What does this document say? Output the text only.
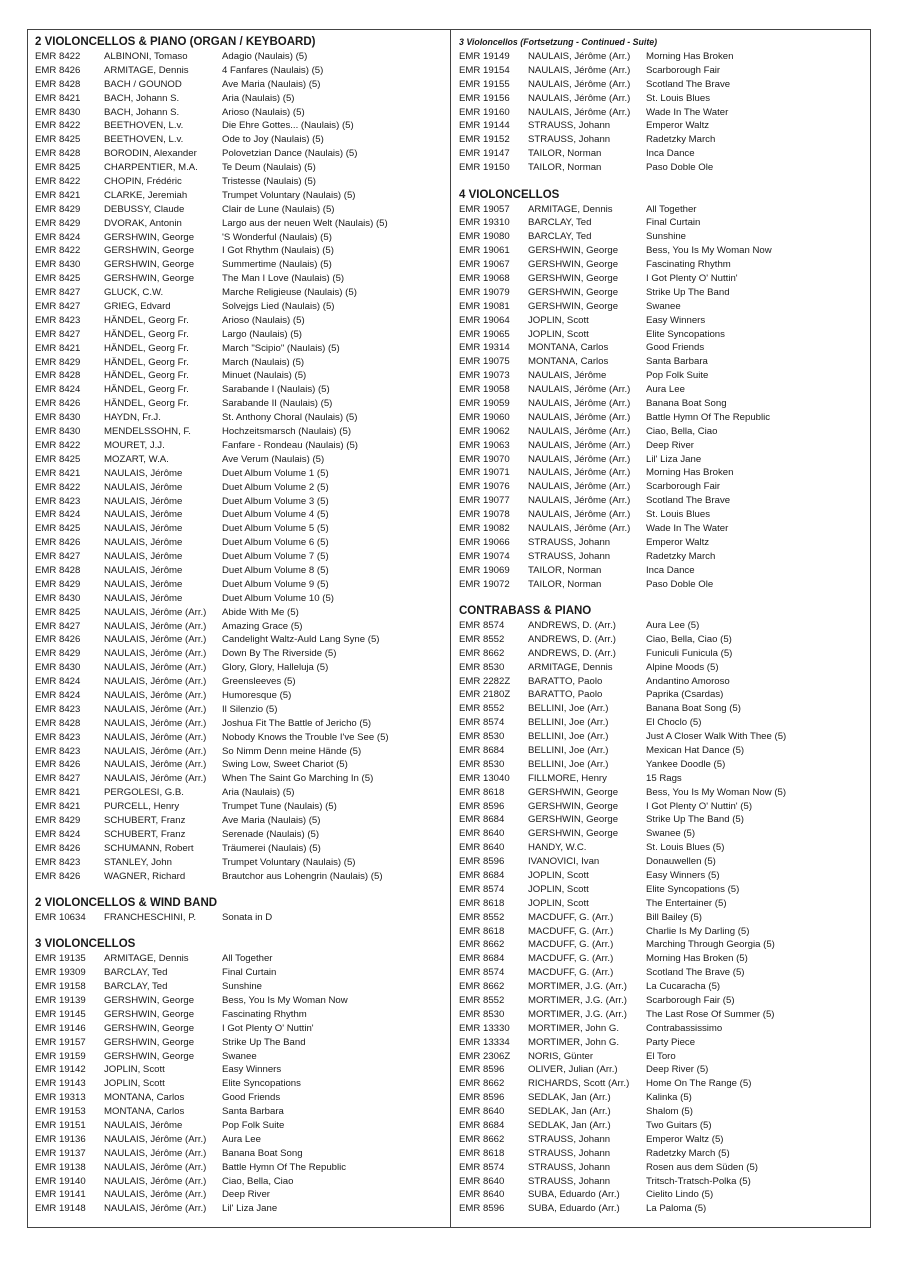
2 VIOLONCELLOS & PIANO (ORGAN / KEYBOARD)
EMR 8422	ALBINONI, Tomaso	Adagio (Naulais) (5)
EMR 8426	ARMITAGE, Dennis	4 Fanfares (Naulais) (5)
EMR 8428	BACH / GOUNOD	Ave Maria (Naulais) (5)
EMR 8421	BACH, Johann S.	Aria (Naulais) (5)
EMR 8430	BACH, Johann S.	Arioso (Naulais) (5)
EMR 8422	BEETHOVEN, L.v.	Die Ehre Gottes... (Naulais) (5)
EMR 8425	BEETHOVEN, L.v.	Ode to Joy (Naulais) (5)
EMR 8428	BORODIN, Alexander	Polovetzian Dance (Naulais) (5)
EMR 8425	CHARPENTIER, M.A.	Te Deum (Naulais) (5)
EMR 8422	CHOPIN, Frédéric	Tristesse (Naulais) (5)
EMR 8421	CLARKE, Jeremiah	Trumpet Voluntary (Naulais) (5)
EMR 8429	DEBUSSY, Claude	Clair de Lune (Naulais) (5)
EMR 8429	DVORAK, Antonin	Largo aus der neuen Welt (Naulais) (5)
EMR 8424	GERSHWIN, George	'S Wonderful (Naulais) (5)
EMR 8422	GERSHWIN, George	I Got Rhythm (Naulais) (5)
EMR 8430	GERSHWIN, George	Summertime (Naulais) (5)
EMR 8425	GERSHWIN, George	The Man I Love (Naulais) (5)
EMR 8427	GLUCK, C.W.	Marche Religieuse (Naulais) (5)
EMR 8427	GRIEG, Edvard	Solvejgs Lied (Naulais) (5)
EMR 8423	HÄNDEL, Georg Fr.	Arioso (Naulais) (5)
EMR 8427	HÄNDEL, Georg Fr.	Largo (Naulais) (5)
EMR 8421	HÄNDEL, Georg Fr.	March "Scipio" (Naulais) (5)
EMR 8429	HÄNDEL, Georg Fr.	March (Naulais) (5)
EMR 8428	HÄNDEL, Georg Fr.	Minuet (Naulais) (5)
EMR 8424	HÄNDEL, Georg Fr.	Sarabande I (Naulais) (5)
EMR 8426	HÄNDEL, Georg Fr.	Sarabande II (Naulais) (5)
EMR 8430	HAYDN, Fr.J.	St. Anthony Choral (Naulais) (5)
EMR 8430	MENDELSSOHN, F.	Hochzeitsmarsch (Naulais) (5)
EMR 8422	MOURET, J.J.	Fanfare - Rondeau (Naulais) (5)
EMR 8425	MOZART, W.A.	Ave Verum (Naulais) (5)
EMR 8421	NAULAIS, Jérôme	Duet Album Volume 1 (5)
EMR 8422	NAULAIS, Jérôme	Duet Album Volume 2 (5)
EMR 8423	NAULAIS, Jérôme	Duet Album Volume 3 (5)
EMR 8424	NAULAIS, Jérôme	Duet Album Volume 4 (5)
EMR 8425	NAULAIS, Jérôme	Duet Album Volume 5 (5)
EMR 8426	NAULAIS, Jérôme	Duet Album Volume 6 (5)
EMR 8427	NAULAIS, Jérôme	Duet Album Volume 7 (5)
EMR 8428	NAULAIS, Jérôme	Duet Album Volume 8 (5)
EMR 8429	NAULAIS, Jérôme	Duet Album Volume 9 (5)
EMR 8430	NAULAIS, Jérôme	Duet Album Volume 10 (5)
EMR 8425	NAULAIS, Jérôme (Arr.)	Abide With Me (5)
EMR 8427	NAULAIS, Jérôme (Arr.)	Amazing Grace (5)
EMR 8426	NAULAIS, Jérôme (Arr.)	Candelight Waltz-Auld Lang Syne (5)
EMR 8429	NAULAIS, Jérôme (Arr.)	Down By The Riverside (5)
EMR 8430	NAULAIS, Jérôme (Arr.)	Glory, Glory, Halleluja (5)
EMR 8424	NAULAIS, Jérôme (Arr.)	Greensleeves (5)
EMR 8424	NAULAIS, Jérôme (Arr.)	Humoresque (5)
EMR 8423	NAULAIS, Jérôme (Arr.)	Il Silenzio (5)
EMR 8428	NAULAIS, Jérôme (Arr.)	Joshua Fit The Battle of Jericho (5)
EMR 8423	NAULAIS, Jérôme (Arr.)	Nobody Knows the Trouble I've See (5)
EMR 8423	NAULAIS, Jérôme (Arr.)	So Nimm Denn meine Hände (5)
EMR 8426	NAULAIS, Jérôme (Arr.)	Swing Low, Sweet Chariot (5)
EMR 8427	NAULAIS, Jérôme (Arr.)	When The Saint Go Marching In (5)
EMR 8421	PERGOLESI, G.B.	Aria (Naulais) (5)
EMR 8421	PURCELL, Henry	Trumpet Tune (Naulais) (5)
EMR 8429	SCHUBERT, Franz	Ave Maria (Naulais) (5)
EMR 8424	SCHUBERT, Franz	Serenade (Naulais) (5)
EMR 8426	SCHUMANN, Robert	Träumerei (Naulais) (5)
EMR 8423	STANLEY, John	Trumpet Voluntary (Naulais) (5)
EMR 8426	WAGNER, Richard	Brautchor aus Lohengrin (Naulais) (5)
2 VIOLONCELLOS & WIND BAND
EMR 10634	FRANCHESCHINI, P.	Sonata in D
3 VIOLONCELLOS
EMR 19135	ARMITAGE, Dennis	All Together
EMR 19309	BARCLAY, Ted	Final Curtain
EMR 19158	BARCLAY, Ted	Sunshine
EMR 19139	GERSHWIN, George	Bess, You Is My Woman Now
EMR 19145	GERSHWIN, George	Fascinating Rhythm
EMR 19146	GERSHWIN, George	I Got Plenty O' Nuttin'
EMR 19157	GERSHWIN, George	Strike Up The Band
EMR 19159	GERSHWIN, George	Swanee
EMR 19142	JOPLIN, Scott	Easy Winners
EMR 19143	JOPLIN, Scott	Elite Syncopations
EMR 19313	MONTANA, Carlos	Good Friends
EMR 19153	MONTANA, Carlos	Santa Barbara
EMR 19151	NAULAIS, Jérôme	Pop Folk Suite
EMR 19136	NAULAIS, Jérôme (Arr.)	Aura Lee
EMR 19137	NAULAIS, Jérôme (Arr.)	Banana Boat Song
EMR 19138	NAULAIS, Jérôme (Arr.)	Battle Hymn Of The Republic
EMR 19140	NAULAIS, Jérôme (Arr.)	Ciao, Bella, Ciao
EMR 19141	NAULAIS, Jérôme (Arr.)	Deep River
EMR 19148	NAULAIS, Jérôme (Arr.)	Lil' Liza Jane
3 Violoncellos (Fortsetzung - Continued - Suite)
EMR 19149	NAULAIS, Jérôme (Arr.)	Morning Has Broken
EMR 19154	NAULAIS, Jérôme (Arr.)	Scarborough Fair
EMR 19155	NAULAIS, Jérôme (Arr.)	Scotland The Brave
EMR 19156	NAULAIS, Jérôme (Arr.)	St. Louis Blues
EMR 19160	NAULAIS, Jérôme (Arr.)	Wade In The Water
EMR 19144	STRAUSS, Johann	Emperor Waltz
EMR 19152	STRAUSS, Johann	Radetzky March
EMR 19147	TAILOR, Norman	Inca Dance
EMR 19150	TAILOR, Norman	Paso Doble Ole
4 VIOLONCELLOS
EMR 19057	ARMITAGE, Dennis	All Together
EMR 19310	BARCLAY, Ted	Final Curtain
EMR 19080	BARCLAY, Ted	Sunshine
EMR 19061	GERSHWIN, George	Bess, You Is My Woman Now
EMR 19067	GERSHWIN, George	Fascinating Rhythm
EMR 19068	GERSHWIN, George	I Got Plenty O' Nuttin'
EMR 19079	GERSHWIN, George	Strike Up The Band
EMR 19081	GERSHWIN, George	Swanee
EMR 19064	JOPLIN, Scott	Easy Winners
EMR 19065	JOPLIN, Scott	Elite Syncopations
EMR 19314	MONTANA, Carlos	Good Friends
EMR 19075	MONTANA, Carlos	Santa Barbara
EMR 19073	NAULAIS, Jérôme	Pop Folk Suite
EMR 19058	NAULAIS, Jérôme (Arr.)	Aura Lee
EMR 19059	NAULAIS, Jérôme (Arr.)	Banana Boat Song
EMR 19060	NAULAIS, Jérôme (Arr.)	Battle Hymn Of The Republic
EMR 19062	NAULAIS, Jérôme (Arr.)	Ciao, Bella, Ciao
EMR 19063	NAULAIS, Jérôme (Arr.)	Deep River
EMR 19070	NAULAIS, Jérôme (Arr.)	Lil' Liza Jane
EMR 19071	NAULAIS, Jérôme (Arr.)	Morning Has Broken
EMR 19076	NAULAIS, Jérôme (Arr.)	Scarborough Fair
EMR 19077	NAULAIS, Jérôme (Arr.)	Scotland The Brave
EMR 19078	NAULAIS, Jérôme (Arr.)	St. Louis Blues
EMR 19082	NAULAIS, Jérôme (Arr.)	Wade In The Water
EMR 19066	STRAUSS, Johann	Emperor Waltz
EMR 19074	STRAUSS, Johann	Radetzky March
EMR 19069	TAILOR, Norman	Inca Dance
EMR 19072	TAILOR, Norman	Paso Doble Ole
CONTRABASS & PIANO
EMR 8574	ANDREWS, D. (Arr.)	Aura Lee (5)
EMR 8552	ANDREWS, D. (Arr.)	Ciao, Bella, Ciao (5)
EMR 8662	ANDREWS, D. (Arr.)	Funiculi Funicula (5)
EMR 8530	ARMITAGE, Dennis	Alpine Moods (5)
EMR 2282Z	BARATTO, Paolo	Andantino Amoroso
EMR 2180Z	BARATTO, Paolo	Paprika (Csardas)
EMR 8552	BELLINI, Joe (Arr.)	Banana Boat Song (5)
EMR 8574	BELLINI, Joe (Arr.)	El Choclo (5)
EMR 8530	BELLINI, Joe (Arr.)	Just A Closer Walk With Thee (5)
EMR 8684	BELLINI, Joe (Arr.)	Mexican Hat Dance (5)
EMR 8530	BELLINI, Joe (Arr.)	Yankee Doodle (5)
EMR 13040	FILLMORE, Henry	15 Rags
EMR 8618	GERSHWIN, George	Bess, You Is My Woman Now (5)
EMR 8596	GERSHWIN, George	I Got Plenty O' Nuttin' (5)
EMR 8684	GERSHWIN, George	Strike Up The Band (5)
EMR 8640	GERSHWIN, George	Swanee (5)
EMR 8640	HANDY, W.C.	St. Louis Blues (5)
EMR 8596	IVANOVICI, Ivan	Donauwellen (5)
EMR 8684	JOPLIN, Scott	Easy Winners (5)
EMR 8574	JOPLIN, Scott	Elite Syncopations (5)
EMR 8618	JOPLIN, Scott	The Entertainer (5)
EMR 8552	MACDUFF, G. (Arr.)	Bill Bailey (5)
EMR 8618	MACDUFF, G. (Arr.)	Charlie Is My Darling (5)
EMR 8662	MACDUFF, G. (Arr.)	Marching Through Georgia (5)
EMR 8684	MACDUFF, G. (Arr.)	Morning Has Broken (5)
EMR 8574	MACDUFF, G. (Arr.)	Scotland The Brave (5)
EMR 8662	MORTIMER, J.G. (Arr.)	La Cucaracha (5)
EMR 8552	MORTIMER, J.G. (Arr.)	Scarborough Fair (5)
EMR 8530	MORTIMER, J.G. (Arr.)	The Last Rose Of Summer (5)
EMR 13330	MORTIMER, John G.	Contrabassissimo
EMR 13334	MORTIMER, John G.	Party Piece
EMR 2306Z	NORIS, Günter	El Toro
EMR 8596	OLIVER, Julian (Arr.)	Deep River (5)
EMR 8662	RICHARDS, Scott (Arr.)	Home On The Range (5)
EMR 8596	SEDLAK, Jan (Arr.)	Kalinka (5)
EMR 8640	SEDLAK, Jan (Arr.)	Shalom (5)
EMR 8684	SEDLAK, Jan (Arr.)	Two Guitars (5)
EMR 8662	STRAUSS, Johann	Emperor Waltz (5)
EMR 8618	STRAUSS, Johann	Radetzky March (5)
EMR 8574	STRAUSS, Johann	Rosen aus dem Süden (5)
EMR 8640	STRAUSS, Johann	Tritsch-Tratsch-Polka (5)
EMR 8640	SUBA, Eduardo (Arr.)	Cielito Lindo (5)
EMR 8596	SUBA, Eduardo (Arr.)	La Paloma (5)
